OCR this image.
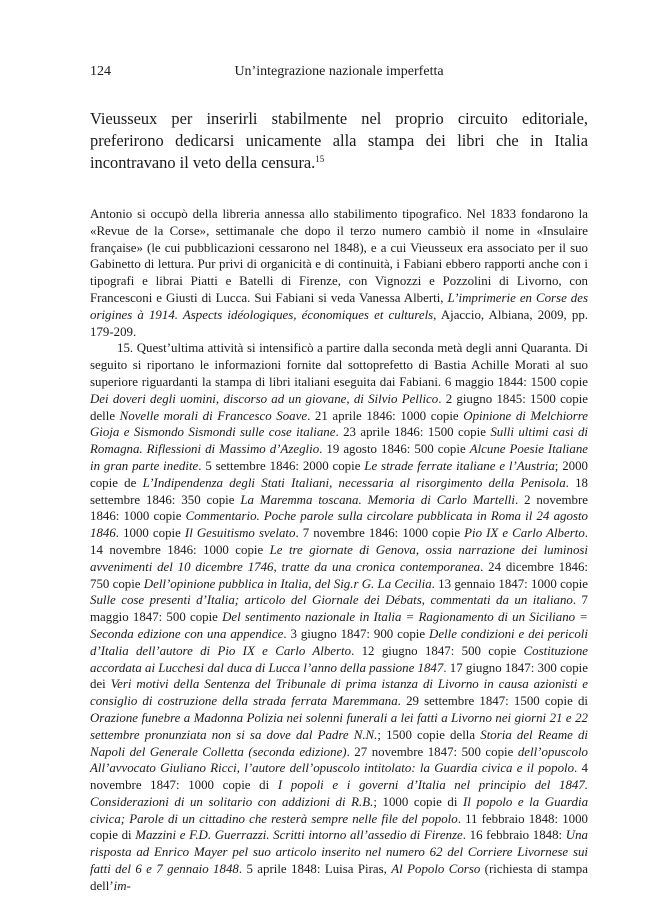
124	Un’integrazione nazionale imperfetta

Vieusseux per inserirli stabilmente nel proprio circuito editoriale, preferirono dedicarsi unicamente alla stampa dei libri che in Italia incontravano il veto della censura.$^{15}$

Antonio si occupò della libreria annessa allo stabilimento tipografico. Nel 1833 fondarono la «Revue de la Corse», settimanale che dopo il terzo numero cambiò il nome in «Insulaire française» (le cui pubblicazioni cessarono nel 1848), e a cui Vieusseux era associato per il suo Gabinetto di lettura. Pur privi di organicità e di continuità, i Fabiani ebbero rapporti anche con i tipografi e librai Piatti e Batelli di Firenze, con Vignozzi e Pozzolini di Livorno, con Francesconi e Giusti di Lucca. Sui Fabiani si veda Vanessa Alberti, L’imprimerie en Corse des origines à 1914. Aspects idéologiques, économiques et culturels, Ajaccio, Albiana, 2009, pp. 179-209.

15. Quest’ultima attività si intensificò a partire dalla seconda metà degli anni Quaranta. Di seguito si riportano le informazioni fornite dal sottoprefetto di Bastia Achille Morati al suo superiore riguardanti la stampa di libri italiani eseguita dai Fabiani. 6 maggio 1844: 1500 copie Dei doveri degli uomini, discorso ad un giovane, di Silvio Pellico. 2 giugno 1845: 1500 copie delle Novelle morali di Francesco Soave. 21 aprile 1846: 1000 copie Opinione di Melchiorre Gioja e Sismondo Sismondi sulle cose italiane. 23 aprile 1846: 1500 copie Sulli ultimi casi di Romagna. Riflessioni di Massimo d’Azeglio. 19 agosto 1846: 500 copie Alcune Poesie Italiane in gran parte inedite. 5 settembre 1846: 2000 copie Le strade ferrate italiane e l’Austria; 2000 copie de L’Indipendenza degli Stati Italiani, necessaria al risorgimento della Penisola. 18 settembre 1846: 350 copie La Maremma toscana. Memoria di Carlo Martelli. 2 novembre 1846: 1000 copie Commentario. Poche parole sulla circolare pubblicata in Roma il 24 agosto 1846. 1000 copie Il Gesuitismo svelato. 7 novembre 1846: 1000 copie Pio IX e Carlo Alberto. 14 novembre 1846: 1000 copie Le tre giornate di Genova, ossia narrazione dei luminosi avvenimenti del 10 dicembre 1746, tratte da una cronica contemporanea. 24 dicembre 1846: 750 copie Dell’opinione pubblica in Italia, del Sig.r G. La Cecilia. 13 gennaio 1847: 1000 copie Sulle cose presenti d’Italia; articolo del Giornale dei Débats, commentati da un italiano. 7 maggio 1847: 500 copie Del sentimento nazionale in Italia = Ragionamento di un Siciliano = Seconda edizione con una appendice. 3 giugno 1847: 900 copie Delle condizioni e dei pericoli d’Italia dell’autore di Pio IX e Carlo Alberto. 12 giugno 1847: 500 copie Costituzione accordata ai Lucchesi dal duca di Lucca l’anno della passione 1847. 17 giugno 1847: 300 copie dei Veri motivi della Sentenza del Tribunale di prima istanza di Livorno in causa azionisti e consiglio di costruzione della strada ferrata Maremmana. 29 settembre 1847: 1500 copie di Orazione funebre a Madonna Polizia nei solenni funerali a lei fatti a Livorno nei giorni 21 e 22 settembre pronunziata non si sa dove dal Padre N.N.; 1500 copie della Storia del Reame di Napoli del Generale Colletta (seconda edizione). 27 novembre 1847: 500 copie dell’opuscolo All’avvocato Giuliano Ricci, l’autore dell’opuscolo intitolato: la Guardia civica e il popolo. 4 novembre 1847: 1000 copie di I popoli e i governi d’Italia nel principio del 1847. Considerazioni di un solitario con addizioni di R.B.; 1000 copie di Il popolo e la Guardia civica; Parole di un cittadino che resterà sempre nelle file del popolo. 11 febbraio 1848: 1000 copie di Mazzini e F.D. Guerrazzi. Scritti intorno all’assedio di Firenze. 16 febbraio 1848: Una risposta ad Enrico Mayer pel suo articolo inserito nel numero 62 del Corriere Livornese sui fatti del 6 e 7 gennaio 1848. 5 aprile 1848: Luisa Piras, Al Popolo Corso (richiesta di stampa dell’im-
